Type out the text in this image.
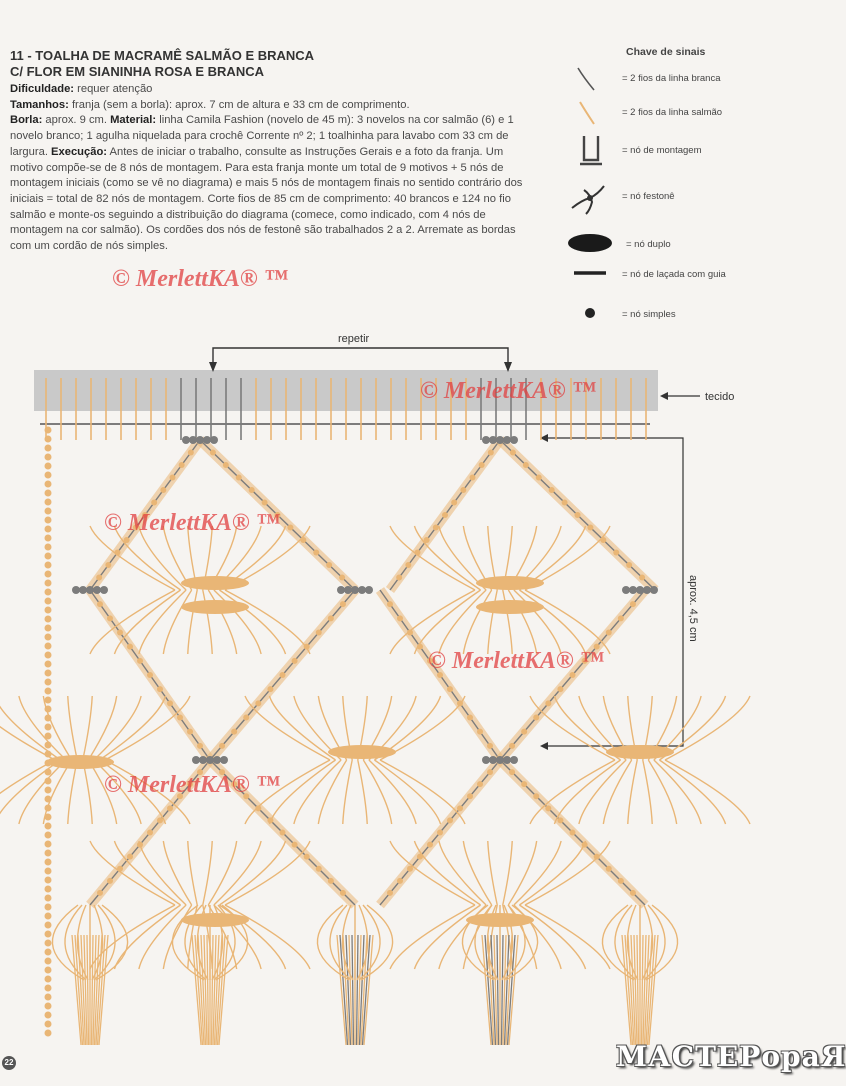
11 - TOALHA DE MACRAMÊ SALMÃO E BRANCA
C/ FLOR EM SIANINHA ROSA E BRANCA
Dificuldade: requer atenção
Tamanhos: franja (sem a borla): aprox. 7 cm de altura e 33 cm de comprimento.
Borla: aprox. 9 cm. Material: linha Camila Fashion (novelo de 45 m): 3 novelos na cor salmão (6) e 1 novelo branco; 1 agulha niquelada para crochê Corrente nº 2; 1 toalhinha para lavabo com 33 cm de largura. Execução: Antes de iniciar o trabalho, consulte as Instruções Gerais e a foto da franja. Um motivo compõe-se de 8 nós de montagem. Para esta franja monte um total de 9 motivos + 5 nós de montagem iniciais (como se vê no diagrama) e mais 5 nós de montagem finais no sentido contrário dos iniciais = total de 82 nós de montagem. Corte fios de 85 cm de comprimento: 40 brancos e 124 no fio salmão e monte-os seguindo a distribuição do diagrama (comece, como indicado, com 4 nós de montagem na cor salmão). Os cordões dos nós de festonê são trabalhados 2 a 2. Arremate as bordas com um cordão de nós simples.
Chave de sinais
= 2 fios da linha branca
= 2 fios da linha salmão
= nó de montagem
= nó festonê
= nó duplo
= nó de laçada com guia
= nó simples
repetir
tecido
aprox. 4,5 cm
© MerlettKA® ™
© MerlettKA® ™
© MerlettKA® ™
© MerlettKA® ™
© MerlettKA® ™
22	МАСТЕРораЯ
